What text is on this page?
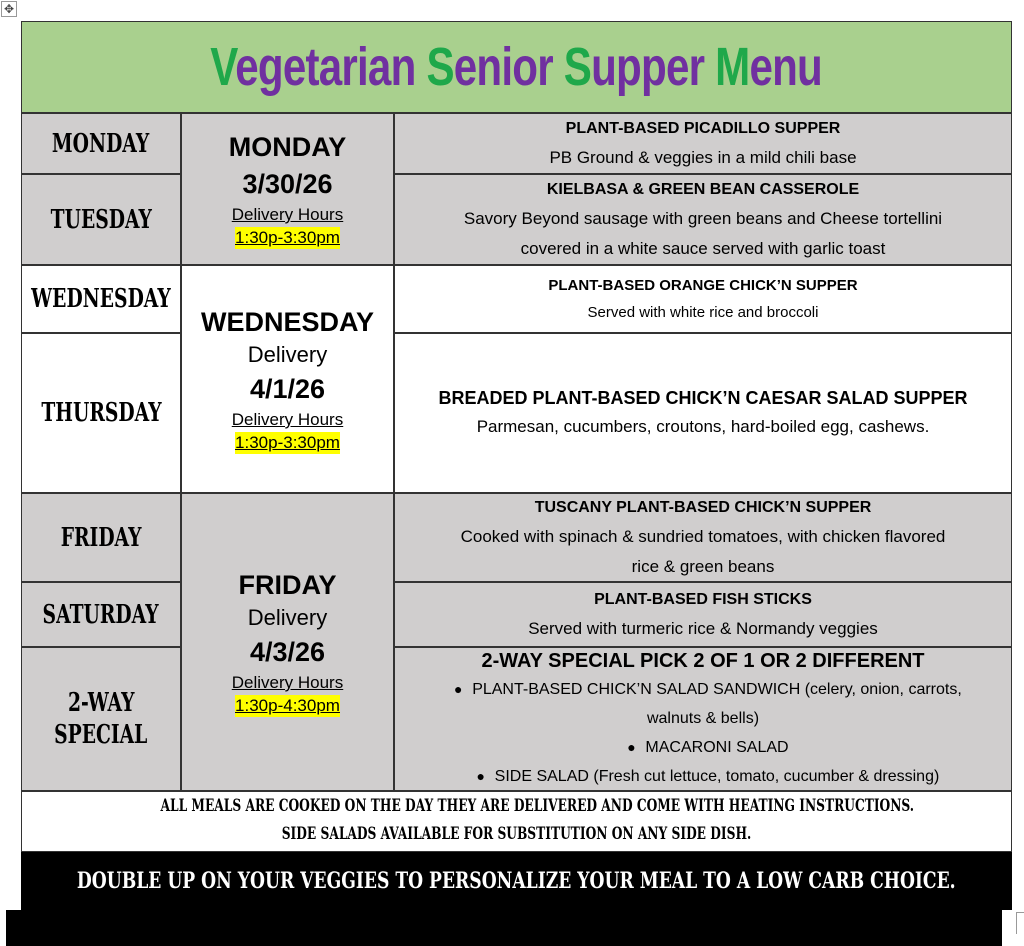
✥
Vegetarian Senior Supper Menu
MONDAY
TUESDAY
WEDNESDAY
THURSDAY
FRIDAY
SATURDAY
2-WAY
SPECIAL
MONDAY
3/30/26
Delivery Hours
1:30p-3:30pm
WEDNESDAY
Delivery
4/1/26
Delivery Hours
1:30p-3:30pm
FRIDAY
Delivery
4/3/26
Delivery Hours
1:30p-4:30pm
PLANT-BASED PICADILLO SUPPER
PB Ground & veggies in a mild chili base
KIELBASA & GREEN BEAN CASSEROLE
Savory Beyond sausage with green beans and Cheese tortellini
covered in a white sauce served with garlic toast
PLANT-BASED ORANGE CHICK’N SUPPER
Served with white rice and broccoli
BREADED PLANT-BASED CHICK’N CAESAR SALAD SUPPER
Parmesan, cucumbers, croutons, hard-boiled egg, cashews.
TUSCANY PLANT-BASED CHICK’N SUPPER
Cooked with spinach & sundried tomatoes, with chicken flavored
rice & green beans
PLANT-BASED FISH STICKS
Served with turmeric rice & Normandy veggies
2-WAY SPECIAL PICK 2 OF 1 OR 2 DIFFERENT
● PLANT-BASED CHICK’N SALAD SANDWICH (celery, onion, carrots,
walnuts & bells)
● MACARONI SALAD
● SIDE SALAD (Fresh cut lettuce, tomato, cucumber & dressing)
ALL MEALS ARE COOKED ON THE DAY THEY ARE DELIVERED AND COME WITH HEATING INSTRUCTIONS.
SIDE SALADS AVAILABLE FOR SUBSTITUTION ON ANY SIDE DISH.
DOUBLE UP ON YOUR VEGGIES TO PERSONALIZE YOUR MEAL TO A LOW CARB CHOICE.
